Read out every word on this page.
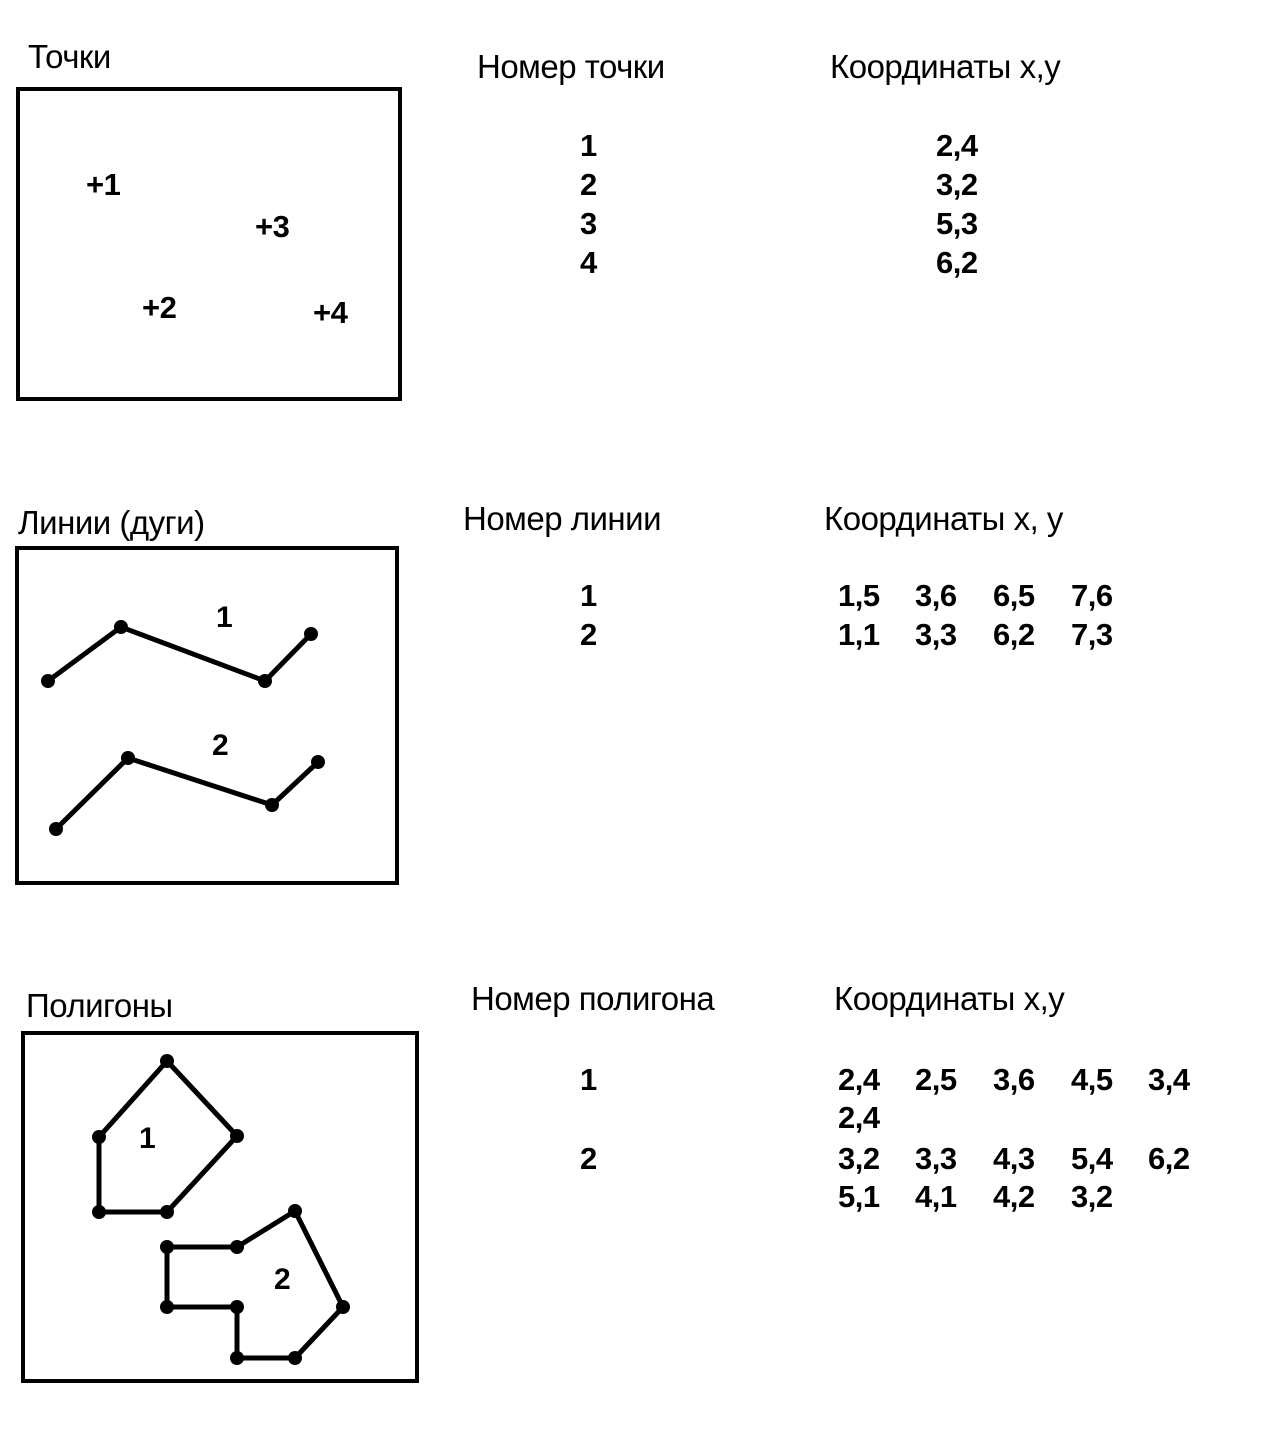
Точки
+1
+2
+3
+4
Номер точки	Координаты x,y
1	2,4
2	3,2
3	5,3
4	6,2
Линии (дуги)
1
2
1
2
Номер линии	Координаты x, y
1	1,5 3,6 6,5 7,6
2	1,1 3,3 6,2 7,3
Полигоны	Номер полигона	Координаты x,y
1	2,4 2,5 3,6 4,5 3,4
2,4
2	3,2 3,3 4,3 5,4 6,2
5,1 4,1 4,2 3,2
